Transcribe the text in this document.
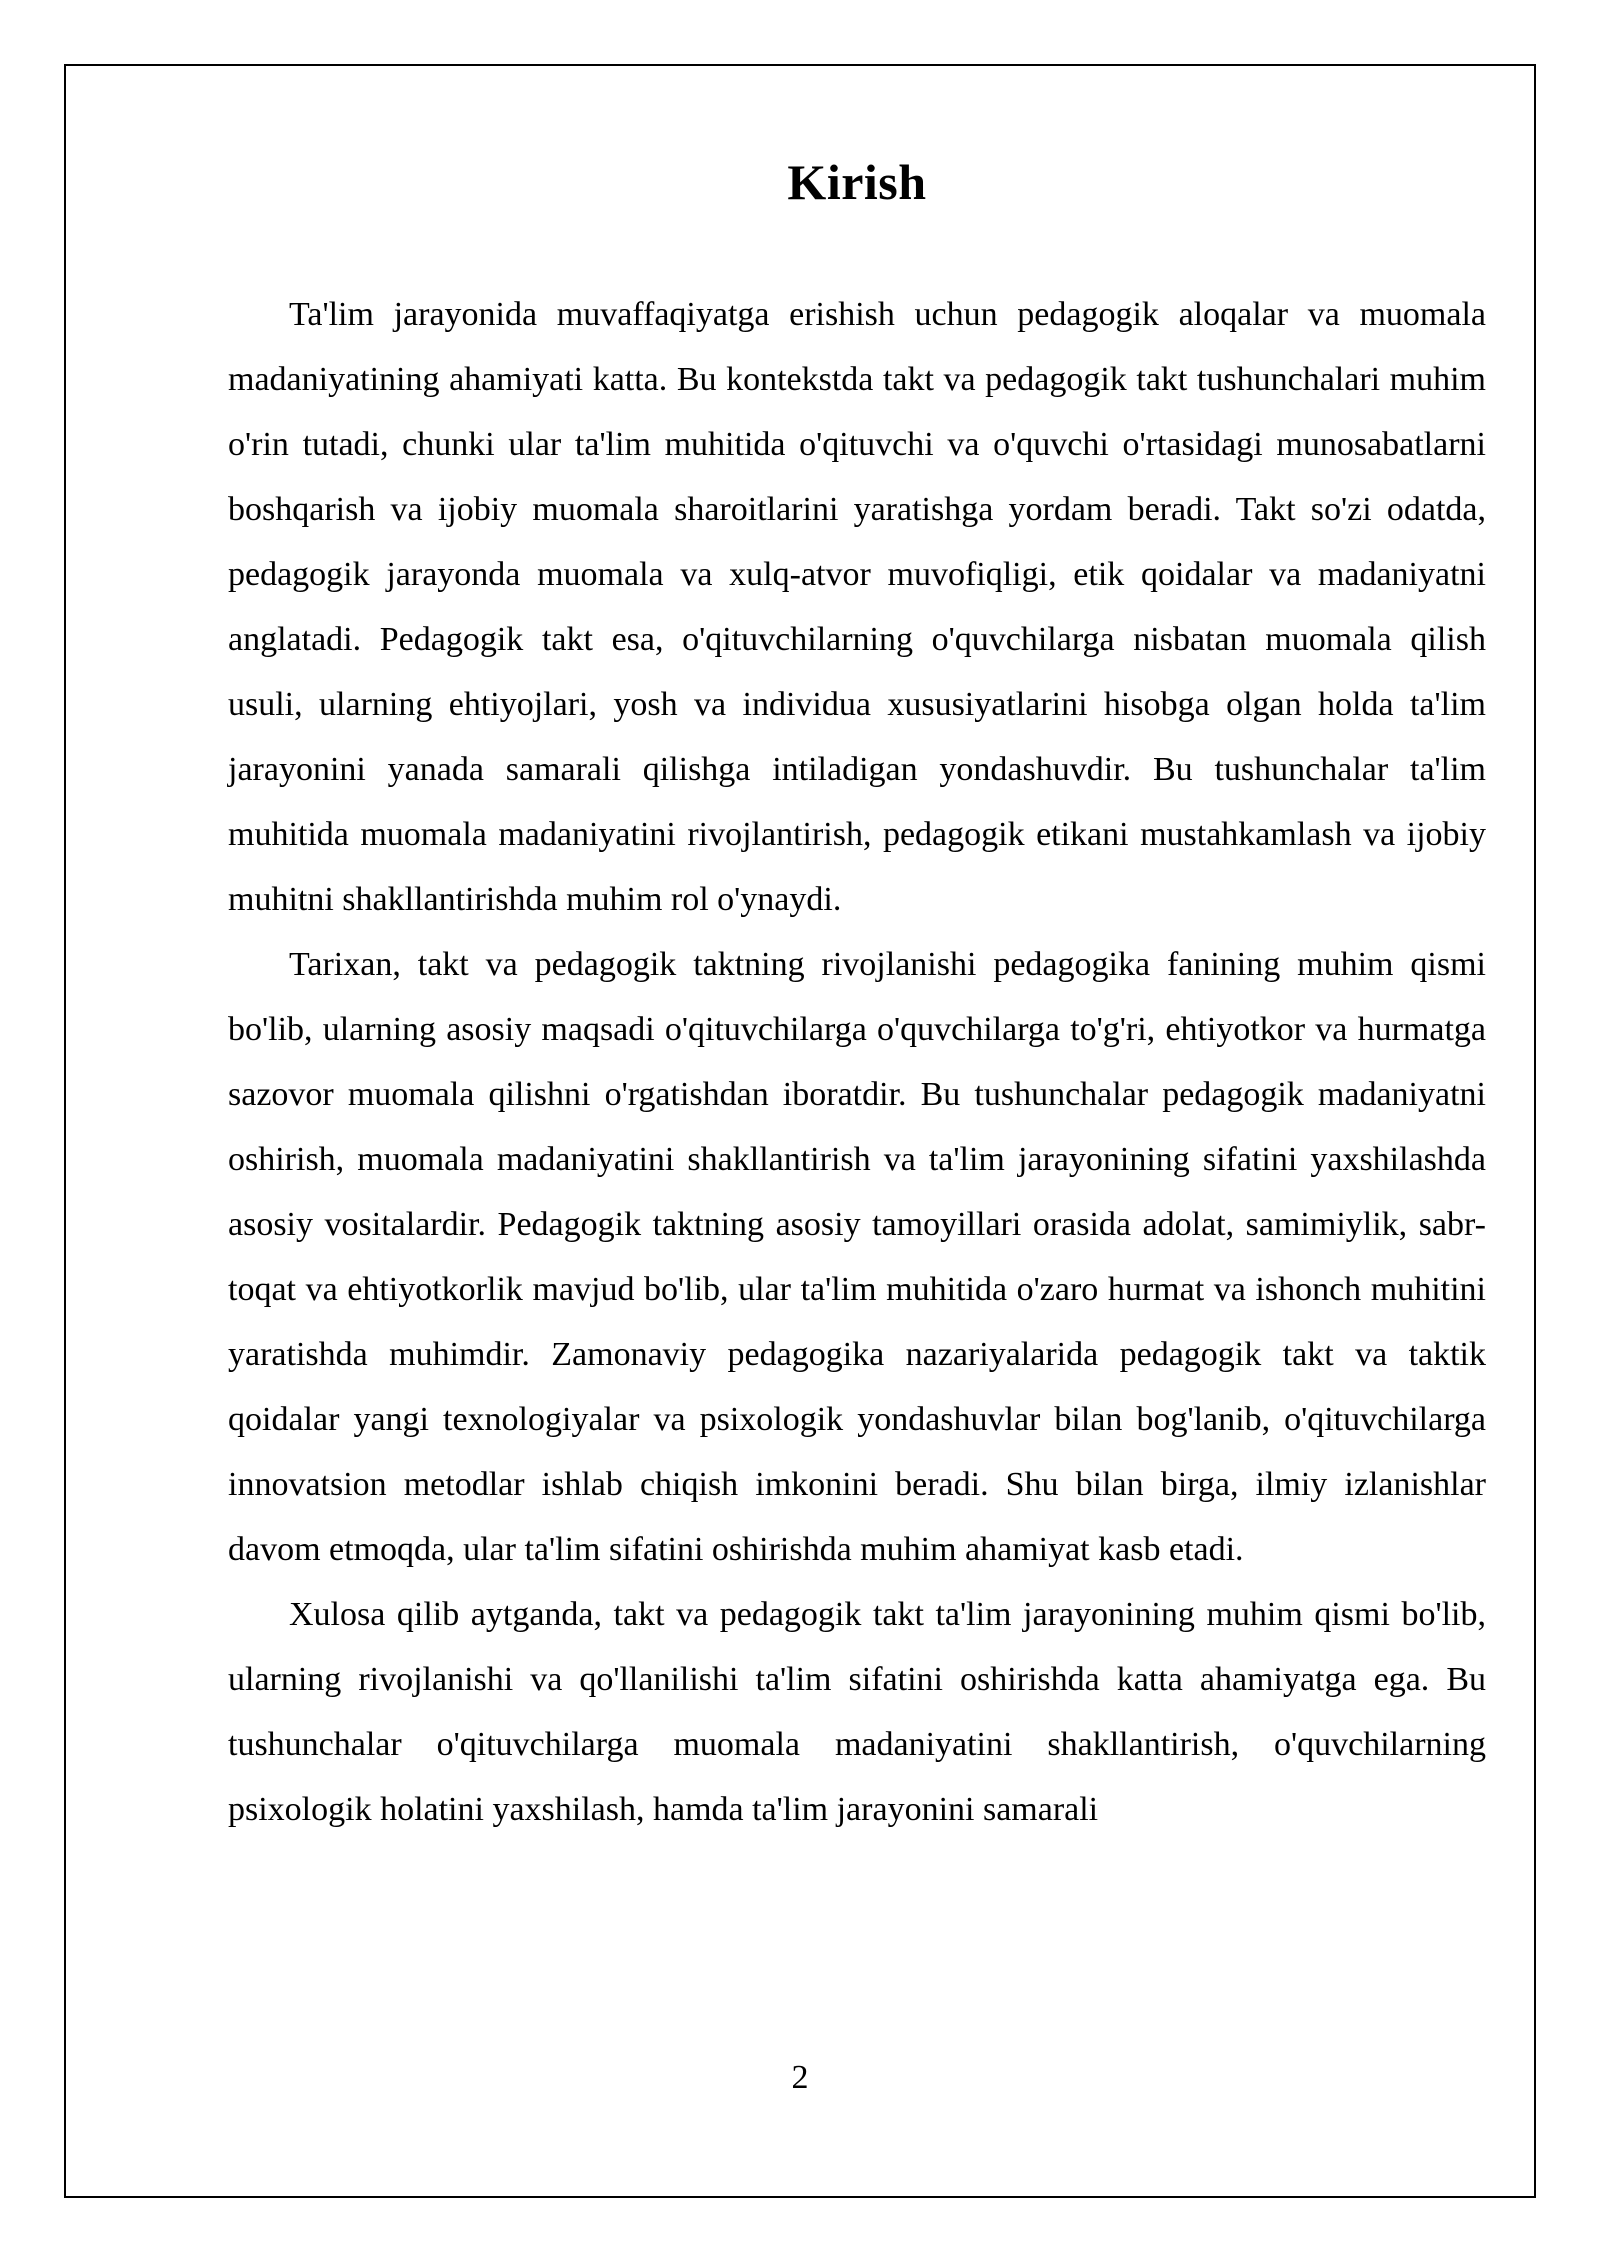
Kirish

Ta'lim jarayonida muvaffaqiyatga erishish uchun pedagogik aloqalar va muomala madaniyatining ahamiyati katta. Bu kontekstda takt va pedagogik takt tushunchalari muhim o'rin tutadi, chunki ular ta'lim muhitida o'qituvchi va o'quvchi o'rtasidagi munosabatlarni boshqarish va ijobiy muomala sharoitlarini yaratishga yordam beradi. Takt so'zi odatda, pedagogik jarayonda muomala va xulq-atvor muvofiqligi, etik qoidalar va madaniyatni anglatadi. Pedagogik takt esa, o'qituvchilarning o'quvchilarga nisbatan muomala qilish usuli, ularning ehtiyojlari, yosh va individua xususiyatlarini hisobga olgan holda ta'lim jarayonini yanada samarali qilishga intiladigan yondashuvdir. Bu tushunchalar ta'lim muhitida muomala madaniyatini rivojlantirish, pedagogik etikani mustahkamlash va ijobiy muhitni shakllantirishda muhim rol o'ynaydi.

Tarixan, takt va pedagogik taktning rivojlanishi pedagogika fanining muhim qismi bo'lib, ularning asosiy maqsadi o'qituvchilarga o'quvchilarga to'g'ri, ehtiyotkor va hurmatga sazovor muomala qilishni o'rgatishdan iboratdir. Bu tushunchalar pedagogik madaniyatni oshirish, muomala madaniyatini shakllantirish va ta'lim jarayonining sifatini yaxshilashda asosiy vositalardir. Pedagogik taktning asosiy tamoyillari orasida adolat, samimiylik, sabr-toqat va ehtiyotkorlik mavjud bo'lib, ular ta'lim muhitida o'zaro hurmat va ishonch muhitini yaratishda muhimdir. Zamonaviy pedagogika nazariyalarida pedagogik takt va taktik qoidalar yangi texnologiyalar va psixologik yondashuvlar bilan bog'lanib, o'qituvchilarga innovatsion metodlar ishlab chiqish imkonini beradi. Shu bilan birga, ilmiy izlanishlar davom etmoqda, ular ta'lim sifatini oshirishda muhim ahamiyat kasb etadi.

Xulosa qilib aytganda, takt va pedagogik takt ta'lim jarayonining muhim qismi bo'lib, ularning rivojlanishi va qo'llanilishi ta'lim sifatini oshirishda katta ahamiyatga ega. Bu tushunchalar o'qituvchilarga muomala madaniyatini shakllantirish, o'quvchilarning psixologik holatini yaxshilash, hamda ta'lim jarayonini samarali

2
